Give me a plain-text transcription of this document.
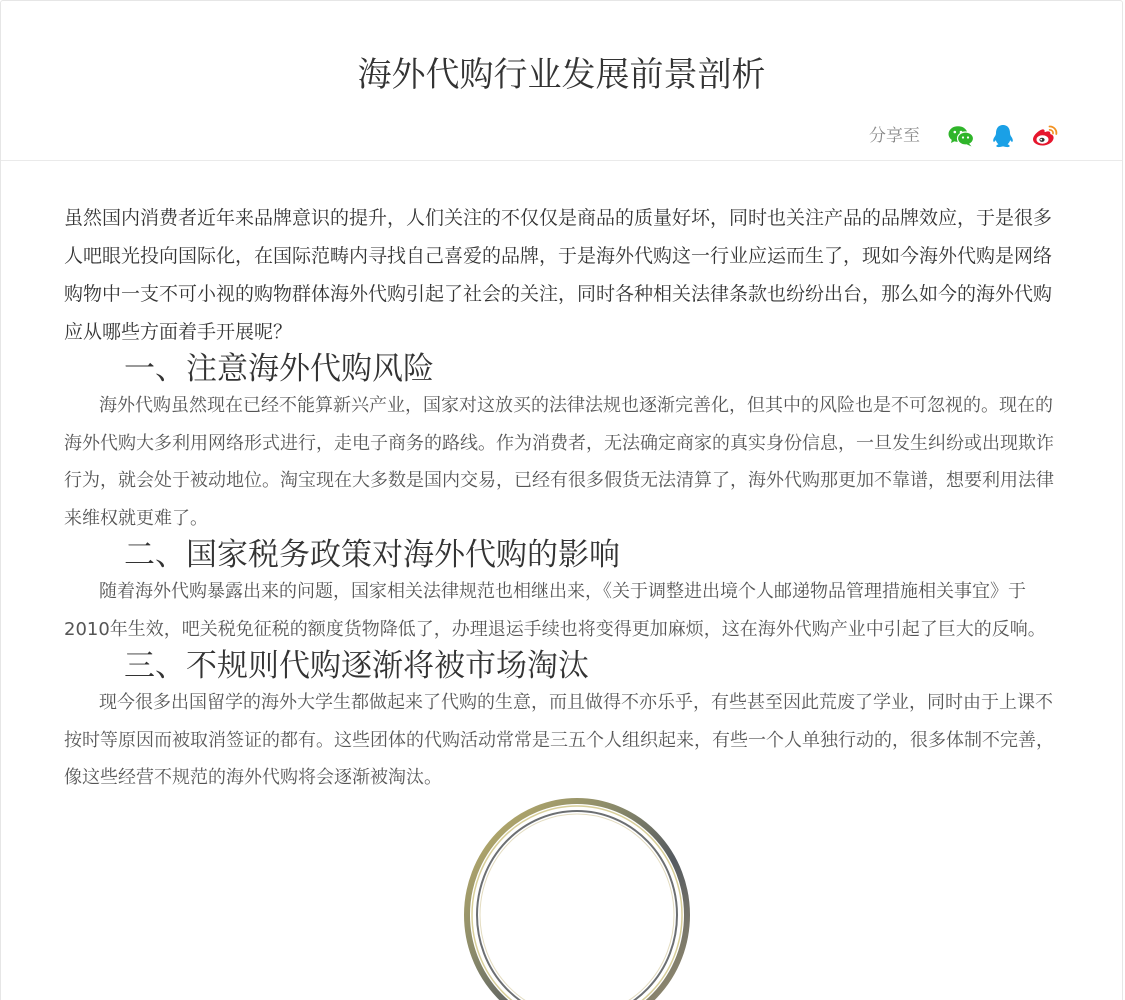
海外代购行业发展前景剖析
分享至

虽然国内消费者近年来品牌意识的提升，人们关注的不仅仅是商品的质量好坏，同时也关注产品的品牌效应，于是很多人吧眼光投向国际化，在国际范畴内寻找自己喜爱的品牌，于是海外代购这一行业应运而生了，现如今海外代购是网络购物中一支不可小视的购物群体海外代购引起了社会的关注，同时各种相关法律条款也纷纷出台，那么如今的海外代购应从哪些方面着手开展呢？

一、注意海外代购风险

海外代购虽然现在已经不能算新兴产业，国家对这放买的法律法规也逐渐完善化，但其中的风险也是不可忽视的。现在的海外代购大多利用网络形式进行，走电子商务的路线。作为消费者，无法确定商家的真实身份信息，一旦发生纠纷或出现欺诈行为，就会处于被动地位。淘宝现在大多数是国内交易，已经有很多假货无法清算了，海外代购那更加不靠谱，想要利用法律来维权就更难了。

二、国家税务政策对海外代购的影响

随着海外代购暴露出来的问题，国家相关法律规范也相继出来，《关于调整进出境个人邮递物品管理措施相关事宜》于2010年生效，吧关税免征税的额度货物降低了，办理退运手续也将变得更加麻烦，这在海外代购产业中引起了巨大的反响。

三、不规则代购逐渐将被市场淘汰

现今很多出国留学的海外大学生都做起来了代购的生意，而且做得不亦乐乎，有些甚至因此荒废了学业，同时由于上课不按时等原因而被取消签证的都有。这些团体的代购活动常常是三五个人组织起来，有些一个人单独行动的，很多体制不完善，像这些经营不规范的海外代购将会逐渐被淘汰。
